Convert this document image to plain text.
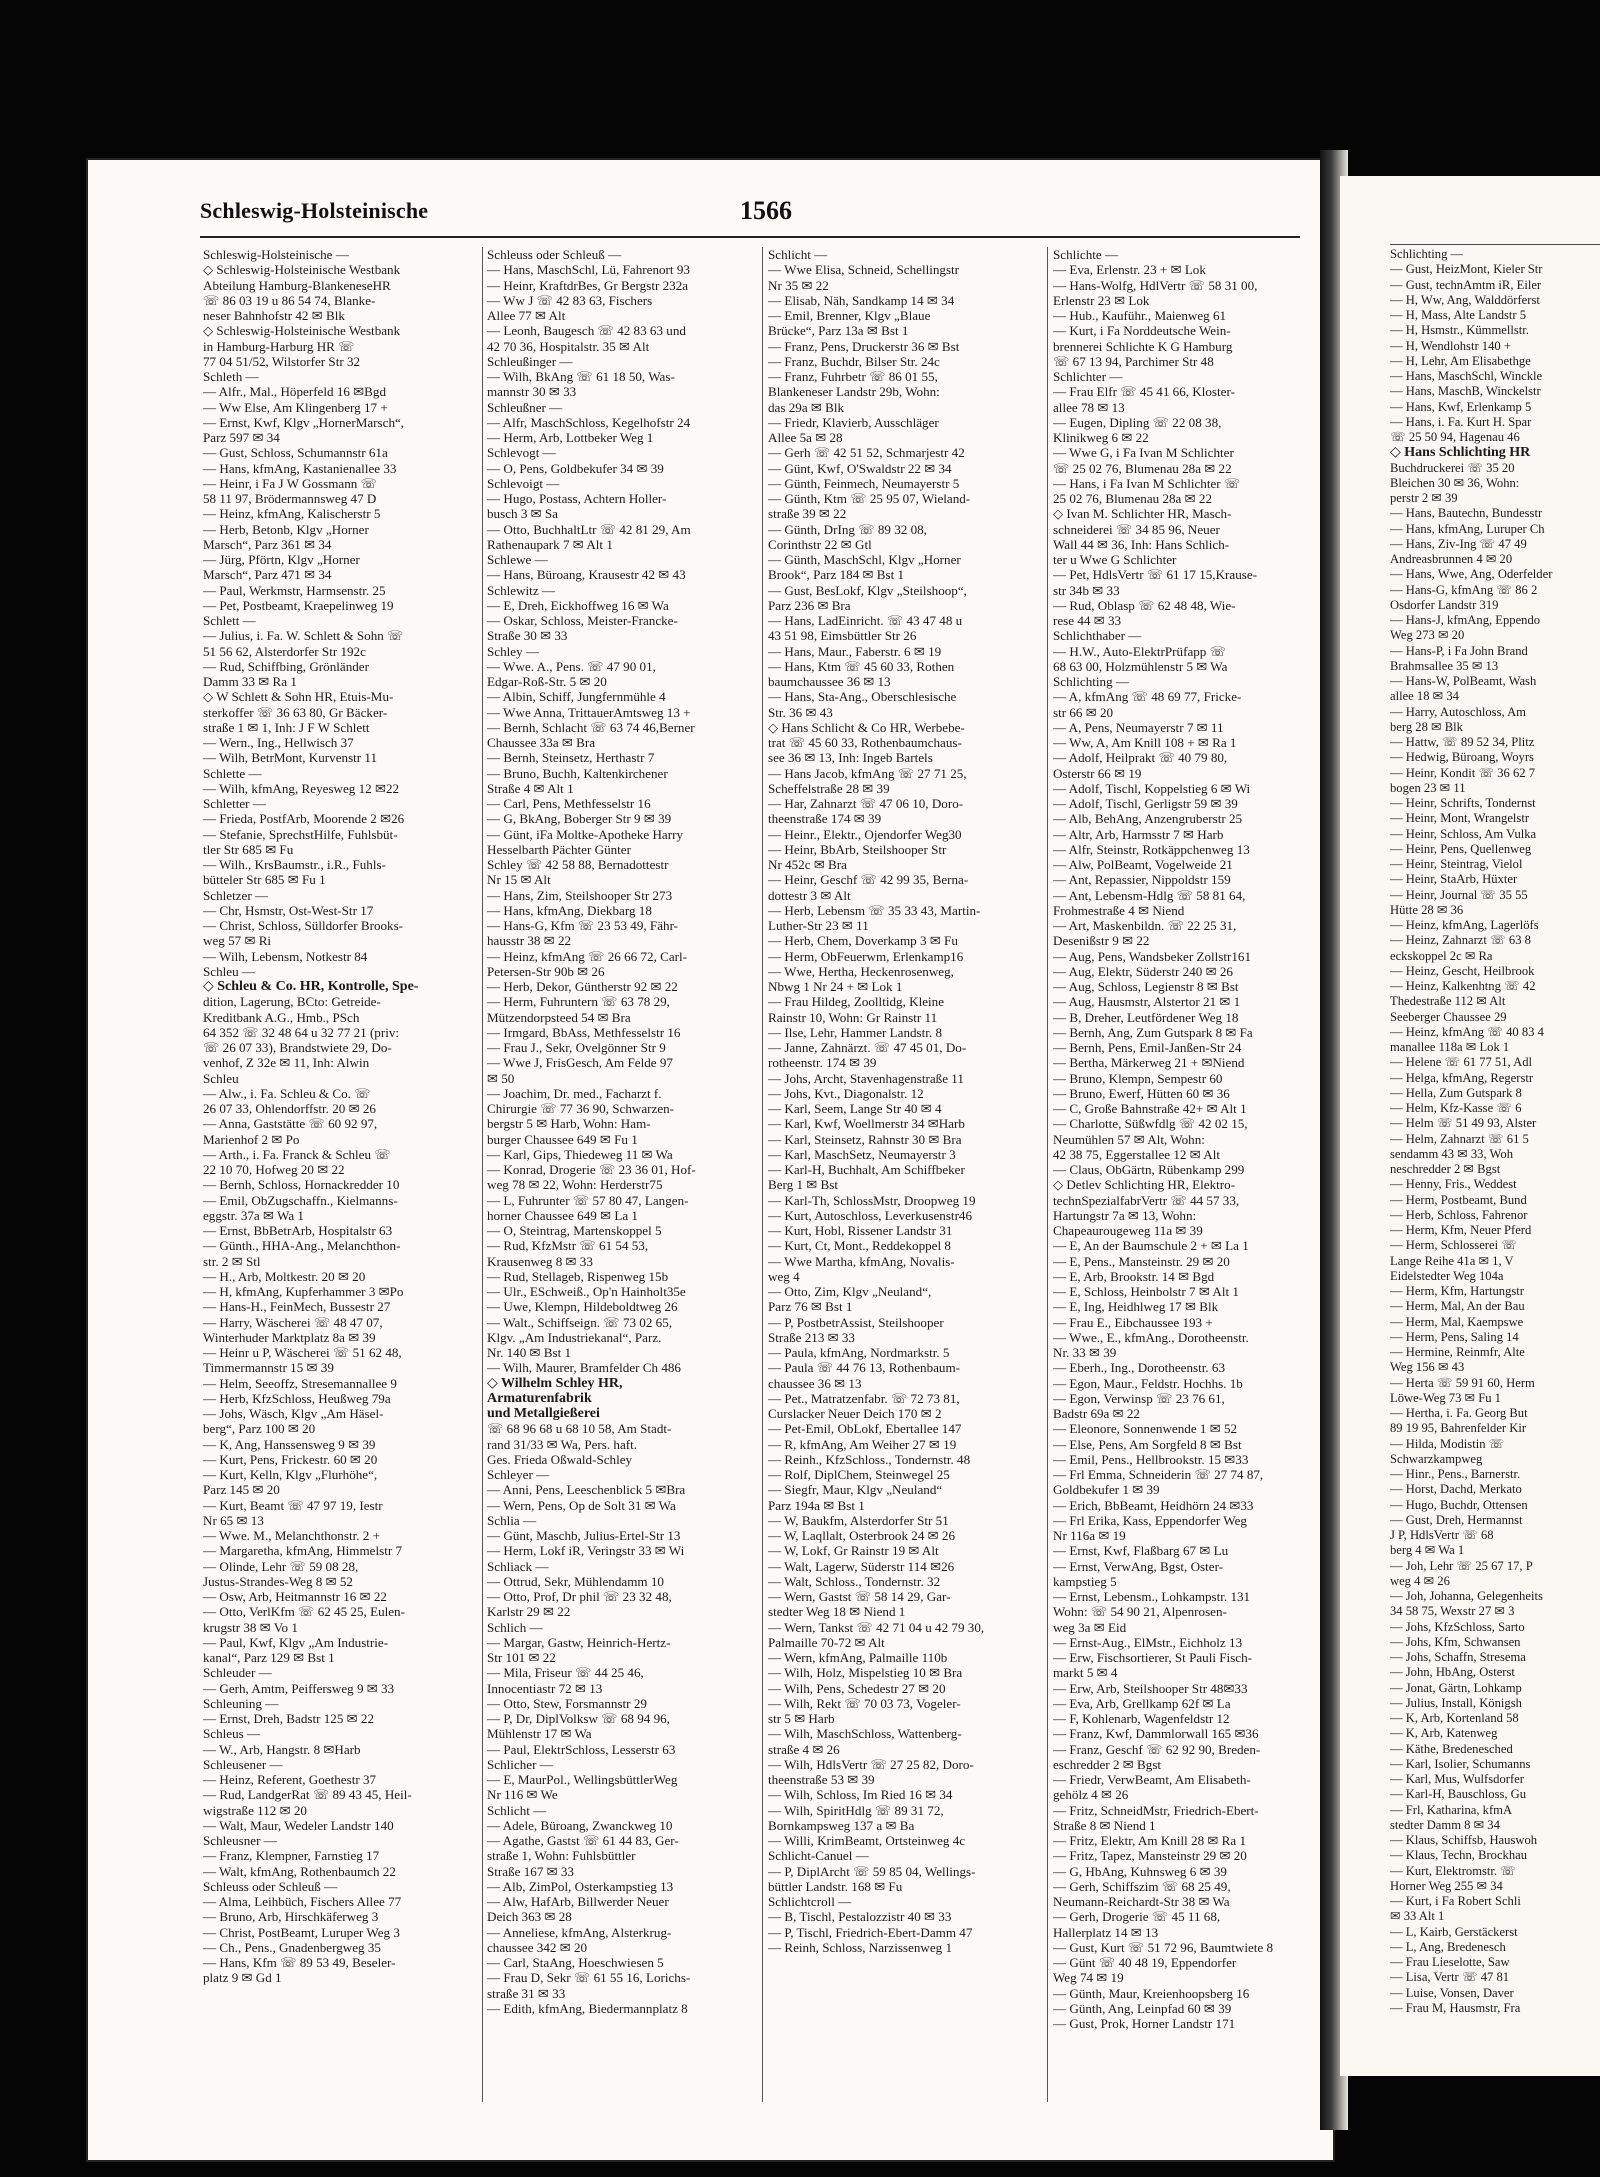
Schleswig-Holsteinische	1566
Schleswig-Holsteinische —
◇ Schleswig-Holsteinische Westbank
Abteilung Hamburg-BlankeneseHR
☏ 86 03 19 u 86 54 74, Blanke-
neser Bahnhofstr 42 ✉ Blk
◇ Schleswig-Holsteinische Westbank
in Hamburg-Harburg HR ☏
77 04 51/52, Wilstorfer Str 32
Schleth —
— Alfr., Mal., Höperfeld 16 ✉Bgd
— Ww Else, Am Klingenberg 17 +
— Ernst, Kwf, Klgv „HornerMarsch“,
Parz 597 ✉ 34
— Gust, Schloss, Schumannstr 61a
— Hans, kfmAng, Kastanienallee 33
— Heinr, i Fa J W Gossmann ☏
58 11 97, Brödermannsweg 47 D
— Heinz, kfmAng, Kalischerstr 5
— Herb, Betonb, Klgv „Horner
Marsch“, Parz 361 ✉ 34
— Jürg, Pförtn, Klgv „Horner
Marsch“, Parz 471 ✉ 34
— Paul, Werkmstr, Harmsenstr. 25
— Pet, Postbeamt, Kraepelinweg 19
Schlett —
— Julius, i. Fa. W. Schlett & Sohn ☏
51 56 62, Alsterdorfer Str 192c
— Rud, Schiffbing, Grönländer
Damm 33 ✉ Ra 1
◇ W Schlett & Sohn HR, Etuis-Mu-
sterkoffer ☏ 36 63 80, Gr Bäcker-
straße 1 ✉ 1, Inh: J F W Schlett
— Wern., Ing., Hellwisch 37
— Wilh, BetrMont, Kurvenstr 11
Schlette —
— Wilh, kfmAng, Reyesweg 12 ✉22
Schletter —
— Frieda, PostfArb, Moorende 2 ✉26
— Stefanie, SprechstHilfe, Fuhlsbüt-
tler Str 685 ✉ Fu
— Wilh., KrsBaumstr., i.R., Fuhls-
bütteler Str 685 ✉ Fu 1
Schletzer —
— Chr, Hsmstr, Ost-West-Str 17
— Christ, Schloss, Sülldorfer Brooks-
weg 57 ✉ Ri
— Wilh, Lebensm, Notkestr 84
Schleu —
◇ Schleu & Co. HR, Kontrolle, Spe-
dition, Lagerung, BCto: Getreide-
Kreditbank A.G., Hmb., PSch
64 352 ☏ 32 48 64 u 32 77 21 (priv:
☏ 26 07 33), Brandstwiete 29, Do-
venhof, Z 32e ✉ 11, Inh: Alwin
Schleu
— Alw., i. Fa. Schleu & Co. ☏
26 07 33, Ohlendorffstr. 20 ✉ 26
— Anna, Gaststätte ☏ 60 92 97,
Marienhof 2 ✉ Po
— Arth., i. Fa. Franck & Schleu ☏
22 10 70, Hofweg 20 ✉ 22
— Bernh, Schloss, Hornackredder 10
— Emil, ObZugschaffn., Kielmanns-
eggstr. 37a ✉ Wa 1
— Ernst, BbBetrArb, Hospitalstr 63
— Günth., HHA-Ang., Melanchthon-
str. 2 ✉ Stl
— H., Arb, Moltkestr. 20 ✉ 20
— H, kfmAng, Kupferhammer 3 ✉Po
— Hans-H., FeinMech, Bussestr 27
— Harry, Wäscherei ☏ 48 47 07,
Winterhuder Marktplatz 8a ✉ 39
— Heinr u P, Wäscherei ☏ 51 62 48,
Timmermannstr 15 ✉ 39
— Helm, Seeoffz, Stresemannallee 9
— Herb, KfzSchloss, Heußweg 79a
— Johs, Wäsch, Klgv „Am Häsel-
berg“, Parz 100 ✉ 20
— K, Ang, Hanssensweg 9 ✉ 39
— Kurt, Pens, Frickestr. 60 ✉ 20
— Kurt, Kelln, Klgv „Flurhöhe“,
Parz 145 ✉ 20
— Kurt, Beamt ☏ 47 97 19, Iestr
Nr 65 ✉ 13
— Wwe. M., Melanchthonstr. 2 +
— Margaretha, kfmAng, Himmelstr 7
— Olinde, Lehr ☏ 59 08 28,
Justus-Strandes-Weg 8 ✉ 52
— Osw, Arb, Heitmannstr 16 ✉ 22
— Otto, VerlKfm ☏ 62 45 25, Eulen-
krugstr 38 ✉ Vo 1
— Paul, Kwf, Klgv „Am Industrie-
kanal“, Parz 129 ✉ Bst 1
Schleuder —
— Gerh, Amtm, Peiffersweg 9 ✉ 33
Schleuning —
— Ernst, Dreh, Badstr 125 ✉ 22
Schleus —
— W., Arb, Hangstr. 8 ✉Harb
Schleusener —
— Heinz, Referent, Goethestr 37
— Rud, LandgerRat ☏ 89 43 45, Heil-
wigstraße 112 ✉ 20
— Walt, Maur, Wedeler Landstr 140
Schleusner —
— Franz, Klempner, Farnstieg 17
— Walt, kfmAng, Rothenbaumch 22
Schleuss oder Schleuß —
— Alma, Leihbüch, Fischers Allee 77
— Bruno, Arb, Hirschkäferweg 3
— Christ, PostBeamt, Luruper Weg 3
— Ch., Pens., Gnadenbergweg 35
— Hans, Kfm ☏ 89 53 49, Beseler-
platz 9 ✉ Gd 1
Schleuss oder Schleuß —
— Hans, MaschSchl, Lü, Fahrenort 93
— Heinr, KraftdrBes, Gr Bergstr 232a
— Ww J ☏ 42 83 63, Fischers
Allee 77 ✉ Alt
— Leonh, Baugesch ☏ 42 83 63 und
42 70 36, Hospitalstr. 35 ✉ Alt
Schleußinger —
— Wilh, BkAng ☏ 61 18 50, Was-
mannstr 30 ✉ 33
Schleußner —
— Alfr, MaschSchloss, Kegelhofstr 24
— Herm, Arb, Lottbeker Weg 1
Schlevogt —
— O, Pens, Goldbekufer 34 ✉ 39
Schlevoigt —
— Hugo, Postass, Achtern Holler-
busch 3 ✉ Sa
— Otto, BuchhaltLtr ☏ 42 81 29, Am
Rathenaupark 7 ✉ Alt 1
Schlewe —
— Hans, Büroang, Krausestr 42 ✉ 43
Schlewitz —
— E, Dreh, Eickhoffweg 16 ✉ Wa
— Oskar, Schloss, Meister-Francke-
Straße 30 ✉ 33
Schley —
— Wwe. A., Pens. ☏ 47 90 01,
Edgar-Roß-Str. 5 ✉ 20
— Albin, Schiff, Jungfernmühle 4
— Wwe Anna, TrittauerAmtsweg 13 +
— Bernh, Schlacht ☏ 63 74 46,Berner
Chaussee 33a ✉ Bra
— Bernh, Steinsetz, Herthastr 7
— Bruno, Buchh, Kaltenkirchener
Straße 4 ✉ Alt 1
— Carl, Pens, Methfesselstr 16
— G, BkAng, Boberger Str 9 ✉ 39
— Günt, iFa Moltke-Apotheke Harry
Hesselbarth Pächter Günter
Schley ☏ 42 58 88, Bernadottestr
Nr 15 ✉ Alt
— Hans, Zim, Steilshooper Str 273
— Hans, kfmAng, Diekbarg 18
— Hans-G, Kfm ☏ 23 53 49, Fähr-
hausstr 38 ✉ 22
— Heinz, kfmAng ☏ 26 66 72, Carl-
Petersen-Str 90b ✉ 26
— Herb, Dekor, Güntherstr 92 ✉ 22
— Herm, Fuhruntern ☏ 63 78 29,
Mützendorpsteed 54 ✉ Bra
— Irmgard, BbAss, Methfesselstr 16
— Frau J., Sekr, Ovelgönner Str 9
— Wwe J, FrisGesch, Am Felde 97
✉ 50
— Joachim, Dr. med., Facharzt f.
Chirurgie ☏ 77 36 90, Schwarzen-
bergstr 5 ✉ Harb, Wohn: Ham-
burger Chaussee 649 ✉ Fu 1
— Karl, Gips, Thiedeweg 11 ✉ Wa
— Konrad, Drogerie ☏ 23 36 01, Hof-
weg 78 ✉ 22, Wohn: Herderstr75
— L, Fuhrunter ☏ 57 80 47, Langen-
horner Chaussee 649 ✉ La 1
— O, Steintrag, Martenskoppel 5
— Rud, KfzMstr ☏ 61 54 53,
Krausenweg 8 ✉ 33
— Rud, Stellageb, Rispenweg 15b
— Ulr., ESchweiß., Op'n Hainholt35e
— Uwe, Klempn, Hildeboldtweg 26
— Walt., Schiffseign. ☏ 73 02 65,
Klgv. „Am Industriekanal“, Parz.
Nr. 140 ✉ Bst 1
— Wilh, Maurer, Bramfelder Ch 486
◇ Wilhelm Schley HR,
Armaturenfabrik
und Metallgießerei
☏ 68 96 68 u 68 10 58, Am Stadt-
rand 31/33 ✉ Wa, Pers. haft.
Ges. Frieda Oßwald-Schley
Schleyer —
— Anni, Pens, Leeschenblick 5 ✉Bra
— Wern, Pens, Op de Solt 31 ✉ Wa
Schlia —
— Günt, Maschb, Julius-Ertel-Str 13
— Herm, Lokf iR, Veringstr 33 ✉ Wi
Schliack —
— Ottrud, Sekr, Mühlendamm 10
— Otto, Prof, Dr phil ☏ 23 32 48,
Karlstr 29 ✉ 22
Schlich —
— Margar, Gastw, Heinrich-Hertz-
Str 101 ✉ 22
— Mila, Friseur ☏ 44 25 46,
Innocentiastr 72 ✉ 13
— Otto, Stew, Forsmannstr 29
— P, Dr, DiplVolksw ☏ 68 94 96,
Mühlenstr 17 ✉ Wa
— Paul, ElektrSchloss, Lesserstr 63
Schlicher —
— E, MaurPol., WellingsbüttlerWeg
Nr 116 ✉ We
Schlicht —
— Adele, Büroang, Zwanckweg 10
— Agathe, Gastst ☏ 61 44 83, Ger-
straße 1, Wohn: Fuhlsbüttler
Straße 167 ✉ 33
— Alb, ZimPol, Osterkampstieg 13
— Alw, HafArb, Billwerder Neuer
Deich 363 ✉ 28
— Anneliese, kfmAng, Alsterkrug-
chaussee 342 ✉ 20
— Carl, StaAng, Hoeschwiesen 5
— Frau D, Sekr ☏ 61 55 16, Lorichs-
straße 31 ✉ 33
— Edith, kfmAng, Biedermannplatz 8
Schlicht —
— Wwe Elisa, Schneid, Schellingstr
Nr 35 ✉ 22
— Elisab, Näh, Sandkamp 14 ✉ 34
— Emil, Brenner, Klgv „Blaue
Brücke“, Parz 13a ✉ Bst 1
— Franz, Pens, Druckerstr 36 ✉ Bst
— Franz, Buchdr, Bilser Str. 24c
— Franz, Fuhrbetr ☏ 86 01 55,
Blankeneser Landstr 29b, Wohn:
das 29a ✉ Blk
— Friedr, Klavierb, Ausschläger
Allee 5a ✉ 28
— Gerh ☏ 42 51 52, Schmarjestr 42
— Günt, Kwf, O'Swaldstr 22 ✉ 34
— Günth, Feinmech, Neumayerstr 5
— Günth, Ktm ☏ 25 95 07, Wieland-
straße 39 ✉ 22
— Günth, DrIng ☏ 89 32 08,
Corinthstr 22 ✉ Gtl
— Günth, MaschSchl, Klgv „Horner
Brook“, Parz 184 ✉ Bst 1
— Gust, BesLokf, Klgv „Steilshoop“,
Parz 236 ✉ Bra
— Hans, LadEinricht. ☏ 43 47 48 u
43 51 98, Eimsbüttler Str 26
— Hans, Maur., Faberstr. 6 ✉ 19
— Hans, Ktm ☏ 45 60 33, Rothen
baumchaussee 36 ✉ 13
— Hans, Sta-Ang., Oberschlesische
Str. 36 ✉ 43
◇ Hans Schlicht & Co HR, Werbebe-
trat ☏ 45 60 33, Rothenbaumchaus-
see 36 ✉ 13, Inh: Ingeb Bartels
— Hans Jacob, kfmAng ☏ 27 71 25,
Scheffelstraße 28 ✉ 39
— Har, Zahnarzt ☏ 47 06 10, Doro-
theenstraße 174 ✉ 39
— Heinr., Elektr., Ojendorfer Weg30
— Heinr, BbArb, Steilshooper Str
Nr 452c ✉ Bra
— Heinr, Geschf ☏ 42 99 35, Berna-
dottestr 3 ✉ Alt
— Herb, Lebensm ☏ 35 33 43, Martin-
Luther-Str 23 ✉ 11
— Herb, Chem, Doverkamp 3 ✉ Fu
— Herm, ObFeuerwm, Erlenkamp16
— Wwe, Hertha, Heckenrosenweg,
Nbwg 1 Nr 24 + ✉ Lok 1
— Frau Hildeg, Zoolltidg, Kleine
Rainstr 10, Wohn: Gr Rainstr 11
— Ilse, Lehr, Hammer Landstr. 8
— Janne, Zahnärzt. ☏ 47 45 01, Do-
rotheenstr. 174 ✉ 39
— Johs, Archt, Stavenhagenstraße 11
— Johs, Kvt., Diagonalstr. 12
— Karl, Seem, Lange Str 40 ✉ 4
— Karl, Kwf, Woellmerstr 34 ✉Harb
— Karl, Steinsetz, Rahnstr 30 ✉ Bra
— Karl, MaschSetz, Neumayerstr 3
— Karl-H, Buchhalt, Am Schiffbeker
Berg 1 ✉ Bst
— Karl-Th, SchlossMstr, Droopweg 19
— Kurt, Autoschloss, Leverkusenstr46
— Kurt, Hobl, Rissener Landstr 31
— Kurt, Ct, Mont., Reddekoppel 8
— Wwe Martha, kfmAng, Novalis-
weg 4
— Otto, Zim, Klgv „Neuland“,
Parz 76 ✉ Bst 1
— P, PostbetrAssist, Steilshooper
Straße 213 ✉ 33
— Paula, kfmAng, Nordmarkstr. 5
— Paula ☏ 44 76 13, Rothenbaum-
chaussee 36 ✉ 13
— Pet., Matratzenfabr. ☏ 72 73 81,
Curslacker Neuer Deich 170 ✉ 2
— Pet-Emil, ObLokf, Ebertallee 147
— R, kfmAng, Am Weiher 27 ✉ 19
— Reinh., KfzSchloss., Tondernstr. 48
— Rolf, DiplChem, Steinwegel 25
— Siegfr, Maur, Klgv „Neuland“
Parz 194a ✉ Bst 1
— W, Baukfm, Alsterdorfer Str 51
— W, Laqllalt, Osterbrook 24 ✉ 26
— W, Lokf, Gr Rainstr 19 ✉ Alt
— Walt, Lagerw, Süderstr 114 ✉26
— Walt, Schloss., Tondernstr. 32
— Wern, Gastst ☏ 58 14 29, Gar-
stedter Weg 18 ✉ Niend 1
— Wern, Tankst ☏ 42 71 04 u 42 79 30,
Palmaille 70-72 ✉ Alt
— Wern, kfmAng, Palmaille 110b
— Wilh, Holz, Mispelstieg 10 ✉ Bra
— Wilh, Pens, Schedestr 27 ✉ 20
— Wilh, Rekt ☏ 70 03 73, Vogeler-
str 5 ✉ Harb
— Wilh, MaschSchloss, Wattenberg-
straße 4 ✉ 26
— Wilh, HdlsVertr ☏ 27 25 82, Doro-
theenstraße 53 ✉ 39
— Wilh, Schloss, Im Ried 16 ✉ 34
— Wilh, SpiritHdlg ☏ 89 31 72,
Bornkampsweg 137 a ✉ Ba
— Willi, KrimBeamt, Ortsteinweg 4c
Schlicht-Canuel —
— P, DiplArcht ☏ 59 85 04, Wellings-
büttler Landstr. 168 ✉ Fu
Schlichtcroll —
— B, Tischl, Pestalozzistr 40 ✉ 33
— P, Tischl, Friedrich-Ebert-Damm 47
— Reinh, Schloss, Narzissenweg 1
Schlichte —
— Eva, Erlenstr. 23 + ✉ Lok
— Hans-Wolfg, HdlVertr ☏ 58 31 00,
Erlenstr 23 ✉ Lok
— Hub., Kauführ., Maienweg 61
— Kurt, i Fa Norddeutsche Wein-
brennerei Schlichte K G Hamburg
☏ 67 13 94, Parchimer Str 48
Schlichter —
— Frau Elfr ☏ 45 41 66, Kloster-
allee 78 ✉ 13
— Eugen, Dipling ☏ 22 08 38,
Klinikweg 6 ✉ 22
— Wwe G, i Fa Ivan M Schlichter
☏ 25 02 76, Blumenau 28a ✉ 22
— Hans, i Fa Ivan M Schlichter ☏
25 02 76, Blumenau 28a ✉ 22
◇ Ivan M. Schlichter HR, Masch-
schneiderei ☏ 34 85 96, Neuer
Wall 44 ✉ 36, Inh: Hans Schlich-
ter u Wwe G Schlichter
— Pet, HdlsVertr ☏ 61 17 15,Krause-
str 34b ✉ 33
— Rud, Oblasp ☏ 62 48 48, Wie-
rese 44 ✉ 33
Schlichthaber —
— H.W., Auto-ElektrPrüfapp ☏
68 63 00, Holzmühlenstr 5 ✉ Wa
Schlichting —
— A, kfmAng ☏ 48 69 77, Fricke-
str 66 ✉ 20
— A, Pens, Neumayerstr 7 ✉ 11
— Ww, A, Am Knill 108 + ✉ Ra 1
— Adolf, Heilprakt ☏ 40 79 80,
Osterstr 66 ✉ 19
— Adolf, Tischl, Koppelstieg 6 ✉ Wi
— Adolf, Tischl, Gerligstr 59 ✉ 39
— Alb, BehAng, Anzengruberstr 25
— Altr, Arb, Harmsstr 7 ✉ Harb
— Alfr, Steinstr, Rotkäppchenweg 13
— Alw, PolBeamt, Vogelweide 21
— Ant, Repassier, Nippoldstr 159
— Ant, Lebensm-Hdlg ☏ 58 81 64,
Frohmestraße 4 ✉ Niend
— Art, Maskenbildn. ☏ 22 25 31,
Desenißstr 9 ✉ 22
— Aug, Pens, Wandsbeker Zollstr161
— Aug, Elektr, Süderstr 240 ✉ 26
— Aug, Schloss, Legienstr 8 ✉ Bst
— Aug, Hausmstr, Alstertor 21 ✉ 1
— B, Dreher, Leutfördener Weg 18
— Bernh, Ang, Zum Gutspark 8 ✉ Fa
— Bernh, Pens, Emil-Janßen-Str 24
— Bertha, Märkerweg 21 + ✉Niend
— Bruno, Klempn, Sempestr 60
— Bruno, Ewerf, Hütten 60 ✉ 36
— C, Große Bahnstraße 42+ ✉ Alt 1
— Charlotte, Süßwfdlg ☏ 42 02 15,
Neumühlen 57 ✉ Alt, Wohn:
42 38 75, Eggerstallee 12 ✉ Alt
— Claus, ObGärtn, Rübenkamp 299
◇ Detlev Schlichting HR, Elektro-
technSpezialfabrVertr ☏ 44 57 33,
Hartungstr 7a ✉ 13, Wohn:
Chapeaurougeweg 11a ✉ 39
— E, An der Baumschule 2 + ✉ La 1
— E, Pens., Mansteinstr. 29 ✉ 20
— E, Arb, Brookstr. 14 ✉ Bgd
— E, Schloss, Heinbolstr 7 ✉ Alt 1
— E, Ing, Heidhlweg 17 ✉ Blk
— Frau E., Eibchaussee 193 +
— Wwe., E., kfmAng., Dorotheenstr.
Nr. 33 ✉ 39
— Eberh., Ing., Dorotheenstr. 63
— Egon, Maur., Feldstr. Hochhs. 1b
— Egon, Verwinsp ☏ 23 76 61,
Badstr 69a ✉ 22
— Eleonore, Sonnenwende 1 ✉ 52
— Else, Pens, Am Sorgfeld 8 ✉ Bst
— Emil, Pens., Hellbrookstr. 15 ✉33
— Frl Emma, Schneiderin ☏ 27 74 87,
Goldbekufer 1 ✉ 39
— Erich, BbBeamt, Heidhörn 24 ✉33
— Frl Erika, Kass, Eppendorfer Weg
Nr 116a ✉ 19
— Ernst, Kwf, Flaßbarg 67 ✉ Lu
— Ernst, VerwAng, Bgst, Oster-
kampstieg 5
— Ernst, Lebensm., Lohkampstr. 131
Wohn: ☏ 54 90 21, Alpenrosen-
weg 3a ✉ Eid
— Ernst-Aug., ElMstr., Eichholz 13
— Erw, Fischsortierer, St Pauli Fisch-
markt 5 ✉ 4
— Erw, Arb, Steilshooper Str 48✉33
— Eva, Arb, Grellkamp 62f ✉ La
— F, Kohlenarb, Wagenfeldstr 12
— Franz, Kwf, Dammlorwall 165 ✉36
— Franz, Geschf ☏ 62 92 90, Breden-
eschredder 2 ✉ Bgst
— Friedr, VerwBeamt, Am Elisabeth-
gehölz 4 ✉ 26
— Fritz, SchneidMstr, Friedrich-Ebert-
Straße 8 ✉ Niend 1
— Fritz, Elektr, Am Knill 28 ✉ Ra 1
— Fritz, Tapez, Mansteinstr 29 ✉ 20
— G, HbAng, Kuhnsweg 6 ✉ 39
— Gerh, Schiffszim ☏ 68 25 49,
Neumann-Reichardt-Str 38 ✉ Wa
— Gerh, Drogerie ☏ 45 11 68,
Hallerplatz 14 ✉ 13
— Gust, Kurt ☏ 51 72 96, Baumtwiete 8
— Günt ☏ 40 48 19, Eppendorfer
Weg 74 ✉ 19
— Günth, Maur, Kreienhoopsberg 16
— Günth, Ang, Leinpfad 60 ✉ 39
— Gust, Prok, Horner Landstr 171
Schlichting —
— Gust, HeizMont, Kieler Str
— Gust, technAmtm iR, Eiler
— H, Ww, Ang, Walddörferst
— H, Mass, Alte Landstr 5
— H, Hsmstr., Kümmellstr.
— H, Wendlohstr 140 +
— H, Lehr, Am Elisabethge
— Hans, MaschSchl, Winckle
— Hans, MaschB, Winckelstr
— Hans, Kwf, Erlenkamp 5
— Hans, i. Fa. Kurt H. Spar
☏ 25 50 94, Hagenau 46
◇ Hans Schlichting HR
Buchdruckerei ☏ 35 20
Bleichen 30 ✉ 36, Wohn:
perstr 2 ✉ 39
— Hans, Bautechn, Bundesstr
— Hans, kfmAng, Luruper Ch
— Hans, Ziv-Ing ☏ 47 49
Andreasbrunnen 4 ✉ 20
— Hans, Wwe, Ang, Oderfelder
— Hans-G, kfmAng ☏ 86 2
Osdorfer Landstr 319
— Hans-J, kfmAng, Eppendo
Weg 273 ✉ 20
— Hans-P, i Fa John Brand
Brahmsallee 35 ✉ 13
— Hans-W, PolBeamt, Wash
allee 18 ✉ 34
— Harry, Autoschloss, Am
berg 28 ✉ Blk
— Hattw, ☏ 89 52 34, Plitz
— Hedwig, Büroang, Woyrs
— Heinr, Kondit ☏ 36 62 7
bogen 23 ✉ 11
— Heinr, Schrifts, Tondernst
— Heinr, Mont, Wrangelstr
— Heinr, Schloss, Am Vulka
— Heinr, Pens, Quellenweg
— Heinr, Steintrag, Vielol
— Heinr, StaArb, Hüxter
— Heinr, Journal ☏ 35 55
Hütte 28 ✉ 36
— Heinz, kfmAng, Lagerlöfs
— Heinz, Zahnarzt ☏ 63 8
eckskoppel 2c ✉ Ra
— Heinz, Gescht, Heilbrook
— Heinz, Kalkenhtng ☏ 42
Thedestraße 112 ✉ Alt
Seeberger Chaussee 29
— Heinz, kfmAng ☏ 40 83 4
manallee 118a ✉ Lok 1
— Helene ☏ 61 77 51, Adl
— Helga, kfmAng, Regerstr
— Hella, Zum Gutspark 8
— Helm, Kfz-Kasse ☏ 6
— Helm ☏ 51 49 93, Alster
— Helm, Zahnarzt ☏ 61 5
sendamm 43 ✉ 33, Woh
neschredder 2 ✉ Bgst
— Henny, Fris., Weddest
— Herm, Postbeamt, Bund
— Herb, Schloss, Fahrenor
— Herm, Kfm, Neuer Pferd
— Herm, Schlosserei ☏
Lange Reihe 41a ✉ 1, V
Eidelstedter Weg 104a
— Herm, Kfm, Hartungstr
— Herm, Mal, An der Bau
— Herm, Mal, Kaempswe
— Herm, Pens, Saling 14
— Hermine, Reinmfr, Alte
Weg 156 ✉ 43
— Herta ☏ 59 91 60, Herm
Löwe-Weg 73 ✉ Fu 1
— Hertha, i. Fa. Georg But
89 19 95, Bahrenfelder Kir
— Hilda, Modistin ☏
Schwarzkampweg
— Hinr., Pens., Barnerstr.
— Horst, Dachd, Merkato
— Hugo, Buchdr, Ottensen
— Gust, Dreh, Hermannst
J P, HdlsVertr ☏ 68
berg 4 ✉ Wa 1
— Joh, Lehr ☏ 25 67 17, P
weg 4 ✉ 26
— Joh, Johanna, Gelegenheits
34 58 75, Wexstr 27 ✉ 3
— Johs, KfzSchloss, Sarto
— Johs, Kfm, Schwansen
— Johs, Schaffn, Stresema
— John, HbAng, Osterst
— Jonat, Gärtn, Lohkamp
— Julius, Install, Königsh
— K, Arb, Kortenland 58
— K, Arb, Katenweg
— Käthe, Bredenesched
— Karl, Isolier, Schumanns
— Karl, Mus, Wulfsdorfer
— Karl-H, Bauschloss, Gu
— Frl, Katharina, kfmA
stedter Damm 8 ✉ 34
— Klaus, Schiffsb, Hauswoh
— Klaus, Techn, Brockhau
— Kurt, Elektromstr. ☏
Horner Weg 255 ✉ 34
— Kurt, i Fa Robert Schli
✉ 33 Alt 1
— L, Kairb, Gerstäckerst
— L, Ang, Bredenesch
— Frau Lieselotte, Saw
— Lisa, Vertr ☏ 47 81
— Luise, Vonsen, Daver
— Frau M, Hausmstr, Fra
